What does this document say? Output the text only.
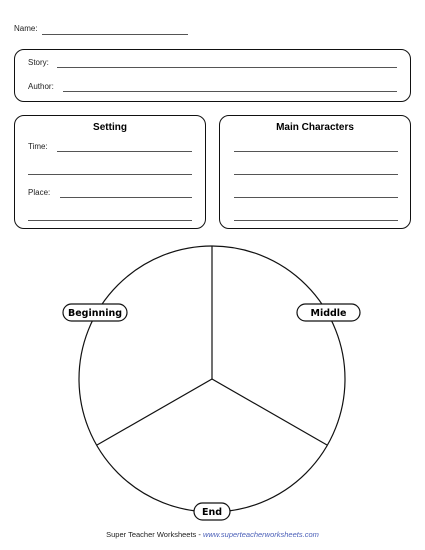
Name:
Story:
Author:
Setting
Time:
Place:
Main Characters
Beginning	Middle
End
Super Teacher Worksheets - www.superteacherworksheets.com
